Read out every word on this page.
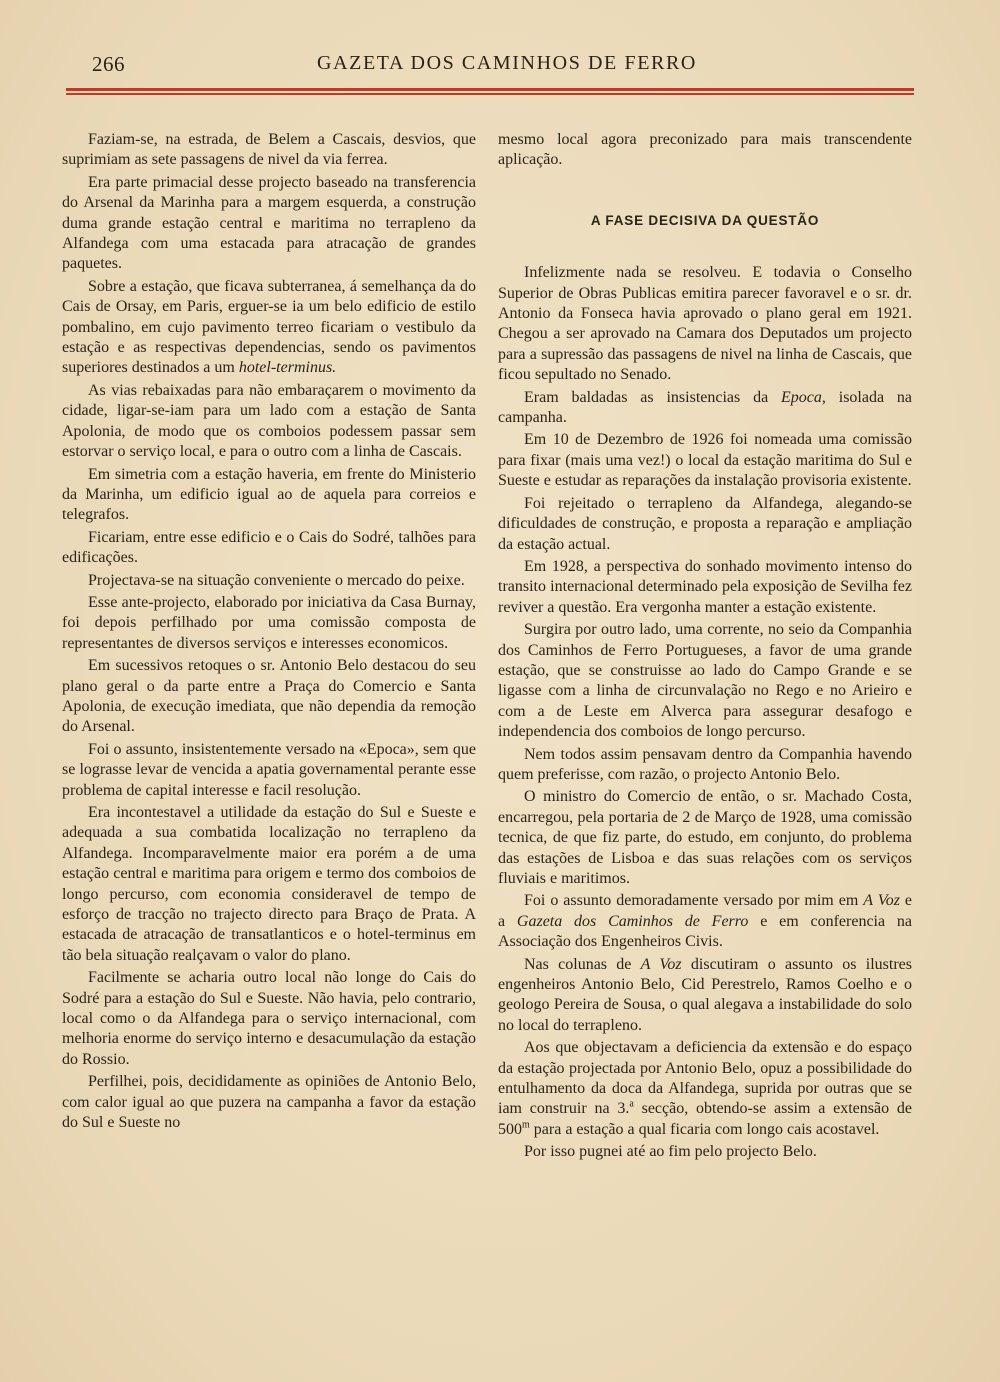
266	GAZETA DOS CAMINHOS DE FERRO

Faziam-se, na estrada, de Belem a Cascais, desvios, que suprimiam as sete passagens de nivel da via ferrea.

Era parte primacial desse projecto baseado na transferencia do Arsenal da Marinha para a margem esquerda, a construção duma grande estação central e maritima no terrapleno da Alfandega com uma estacada para atracação de grandes paquetes.

Sobre a estação, que ficava subterranea, á semelhança da do Cais de Orsay, em Paris, erguer-se ia um belo edificio de estilo pombalino, em cujo pavimento terreo ficariam o vestibulo da estação e as respectivas dependencias, sendo os pavimentos superiores destinados a um hotel-terminus.

As vias rebaixadas para não embaraçarem o movimento da cidade, ligar-se-iam para um lado com a estação de Santa Apolonia, de modo que os comboios podessem passar sem estorvar o serviço local, e para o outro com a linha de Cascais.

Em simetria com a estação haveria, em frente do Ministerio da Marinha, um edificio igual ao de aquela para correios e telegrafos.

Ficariam, entre esse edificio e o Cais do Sodré, talhões para edificações.

Projectava-se na situação conveniente o mercado do peixe.

Esse ante-projecto, elaborado por iniciativa da Casa Burnay, foi depois perfilhado por uma comissão composta de representantes de diversos serviços e interesses economicos.

Em sucessivos retoques o sr. Antonio Belo destacou do seu plano geral o da parte entre a Praça do Comercio e Santa Apolonia, de execução imediata, que não dependia da remoção do Arsenal.

Foi o assunto, insistentemente versado na «Epoca», sem que se lograsse levar de vencida a apatia governamental perante esse problema de capital interesse e facil resolução.

Era incontestavel a utilidade da estação do Sul e Sueste e adequada a sua combatida localização no terrapleno da Alfandega. Incomparavelmente maior era porém a de uma estação central e maritima para origem e termo dos comboios de longo percurso, com economia consideravel de tempo de esforço de tracção no trajecto directo para Braço de Prata. A estacada de atracação de transatlanticos e o hotel-terminus em tão bela situação realçavam o valor do plano.

Facilmente se acharia outro local não longe do Cais do Sodré para a estação do Sul e Sueste. Não havia, pelo contrario, local como o da Alfandega para o serviço internacional, com melhoria enorme do serviço interno e desacumulação da estação do Rossio.

Perfilhei, pois, decididamente as opiniões de Antonio Belo, com calor igual ao que puzera na campanha a favor da estação do Sul e Sueste no

mesmo local agora preconizado para mais transcendente aplicação.

A FASE DECISIVA DA QUESTÃO

Infelizmente nada se resolveu. E todavia o Conselho Superior de Obras Publicas emitira parecer favoravel e o sr. dr. Antonio da Fonseca havia aprovado o plano geral em 1921. Chegou a ser aprovado na Camara dos Deputados um projecto para a supressão das passagens de nivel na linha de Cascais, que ficou sepultado no Senado.

Eram baldadas as insistencias da Epoca, isolada na campanha.

Em 10 de Dezembro de 1926 foi nomeada uma comissão para fixar (mais uma vez!) o local da estação maritima do Sul e Sueste e estudar as reparações da instalação provisoria existente.

Foi rejeitado o terrapleno da Alfandega, alegando-se dificuldades de construção, e proposta a reparação e ampliação da estação actual.

Em 1928, a perspectiva do sonhado movimento intenso do transito internacional determinado pela exposição de Sevilha fez reviver a questão. Era vergonha manter a estação existente.

Surgira por outro lado, uma corrente, no seio da Companhia dos Caminhos de Ferro Portugueses, a favor de uma grande estação, que se construisse ao lado do Campo Grande e se ligasse com a linha de circunvalação no Rego e no Arieiro e com a de Leste em Alverca para assegurar desafogo e independencia dos comboios de longo percurso.

Nem todos assim pensavam dentro da Companhia havendo quem preferisse, com razão, o projecto Antonio Belo.

O ministro do Comercio de então, o sr. Machado Costa, encarregou, pela portaria de 2 de Março de 1928, uma comissão tecnica, de que fiz parte, do estudo, em conjunto, do problema das estações de Lisboa e das suas relações com os serviços fluviais e maritimos.

Foi o assunto demoradamente versado por mim em A Voz e a Gazeta dos Caminhos de Ferro e em conferencia na Associação dos Engenheiros Civis.

Nas colunas de A Voz discutiram o assunto os ilustres engenheiros Antonio Belo, Cid Perestrelo, Ramos Coelho e o geologo Pereira de Sousa, o qual alegava a instabilidade do solo no local do terrapleno.

Aos que objectavam a deficiencia da extensão e do espaço da estação projectada por Antonio Belo, opuz a possibilidade do entulhamento da doca da Alfandega, suprida por outras que se iam construir na 3.$^a$ secção, obtendo-se assim a extensão de 500$^m$ para a estação a qual ficaria com longo cais acostavel.

Por isso pugnei até ao fim pelo projecto Belo.
